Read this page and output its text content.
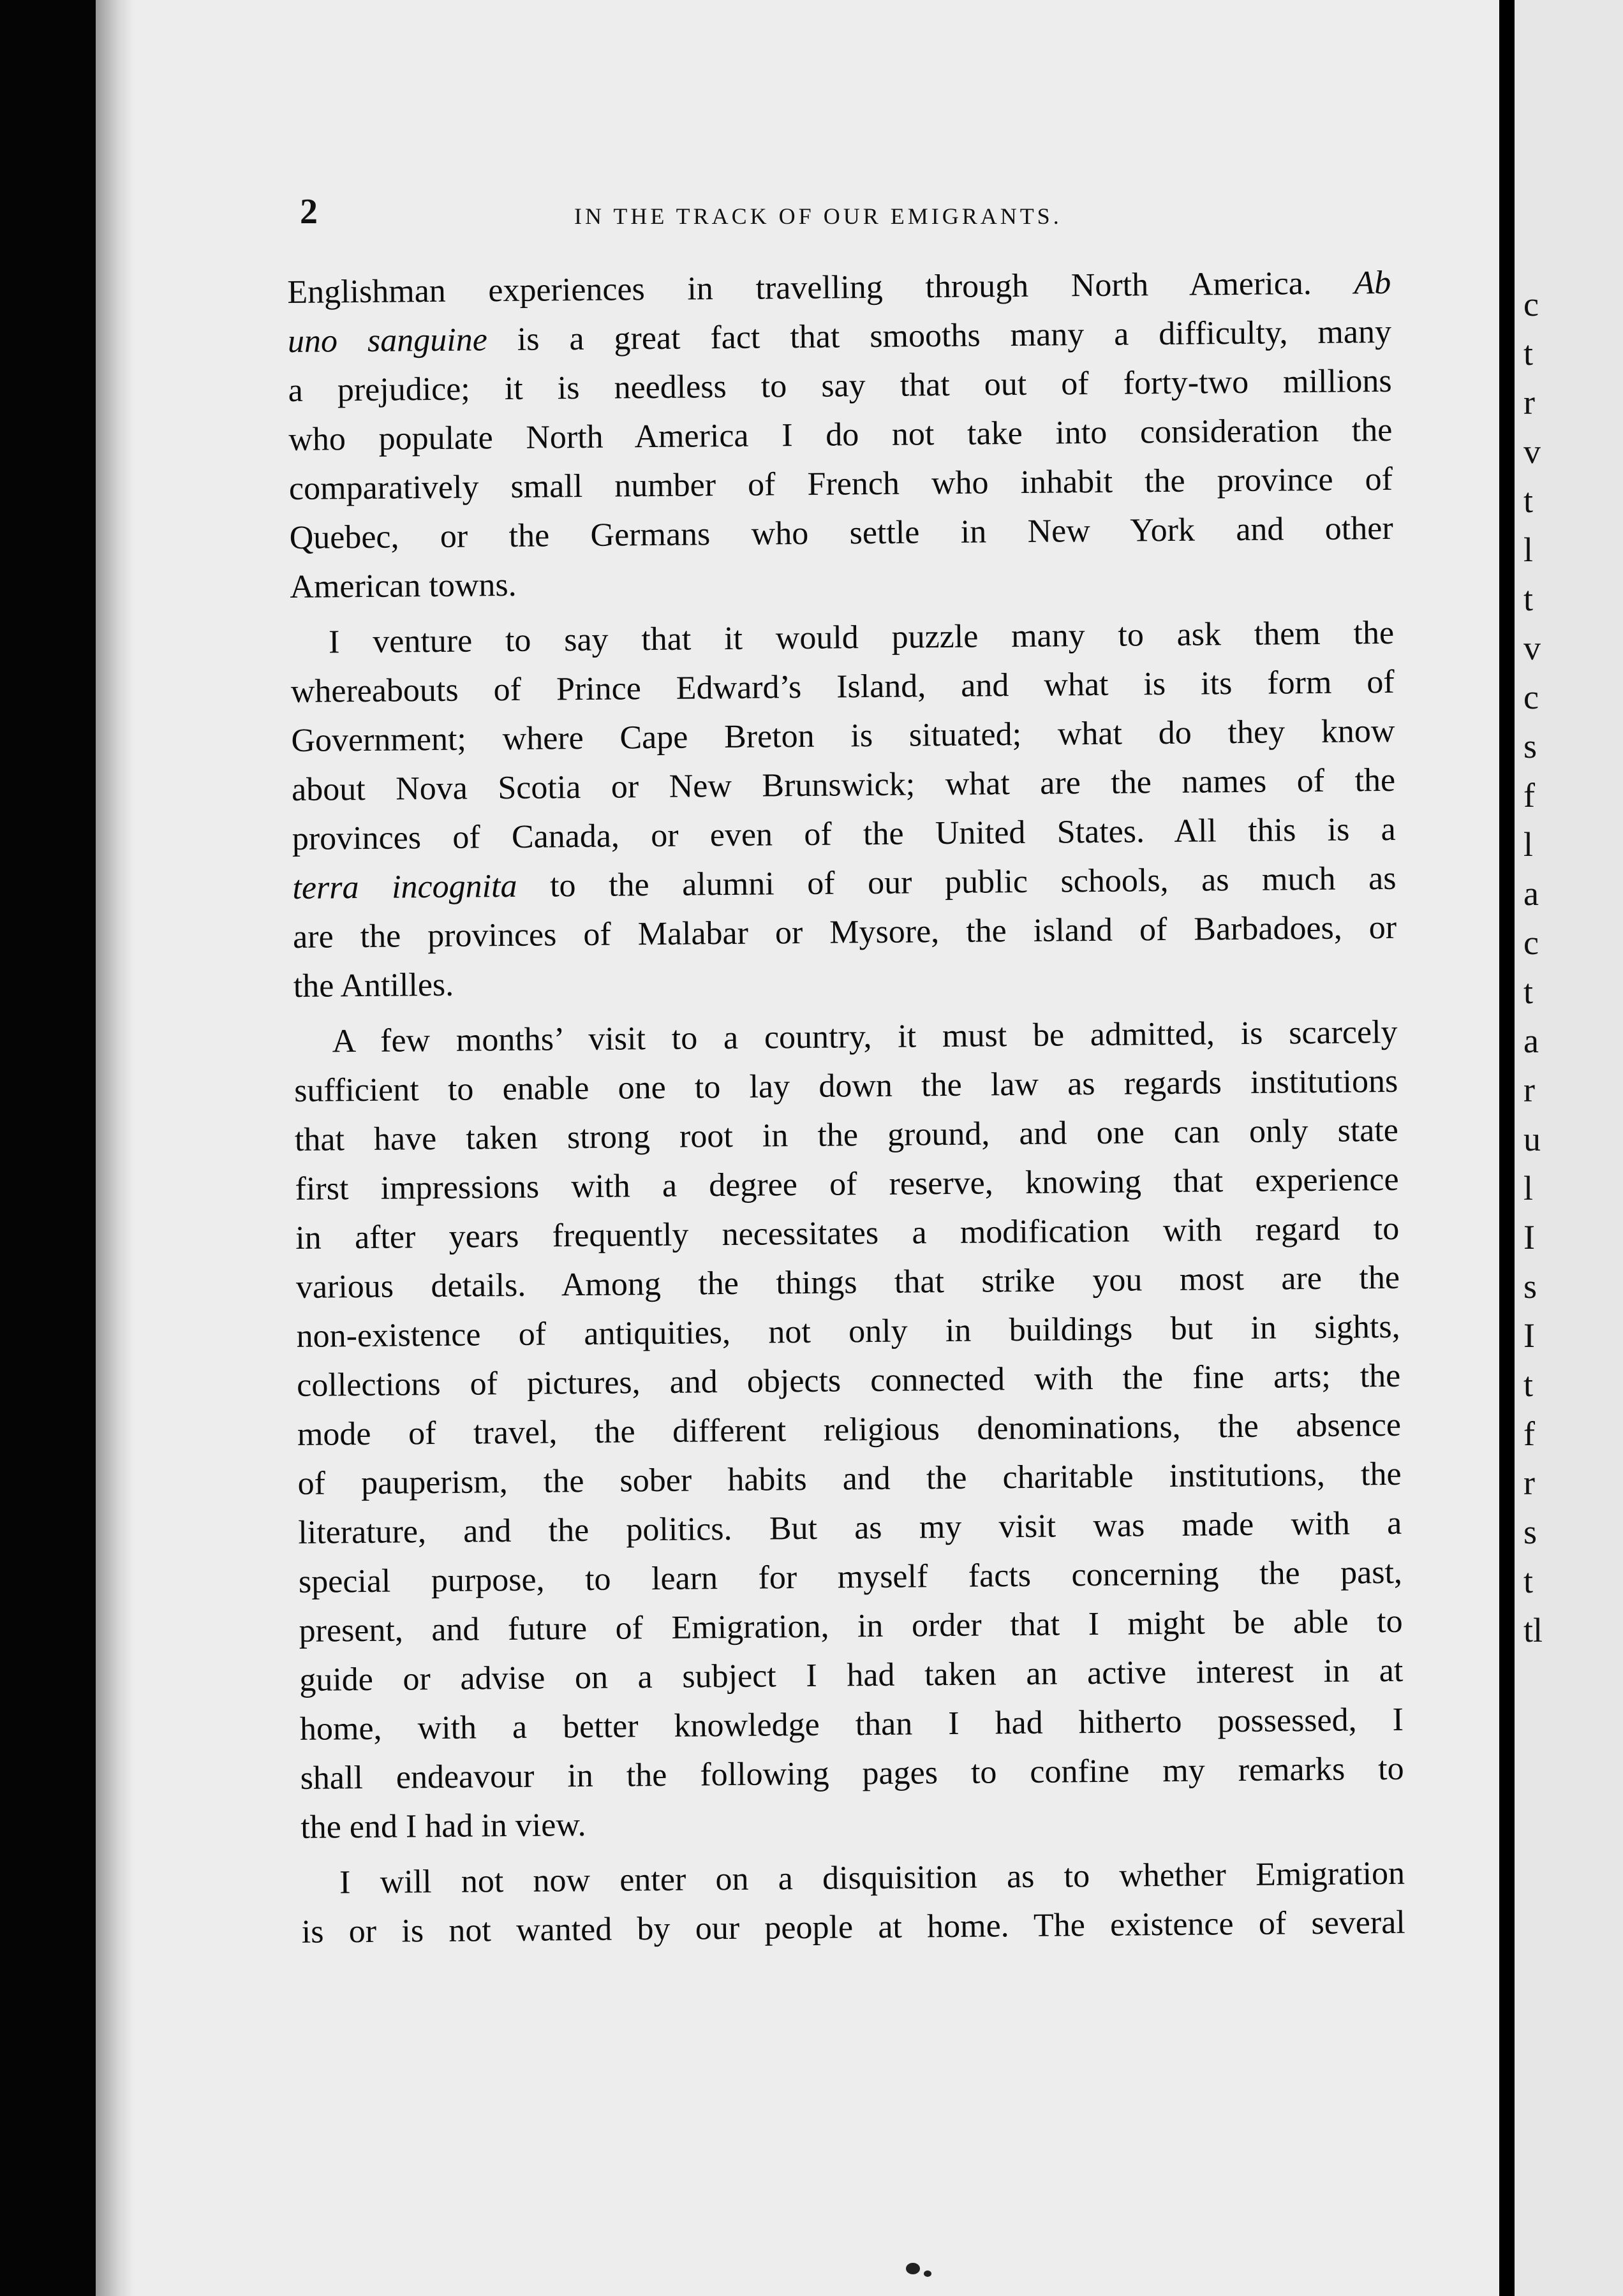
c
t
r
v
t
l
t
v
c
s
f
l
a
c
t
a
r
u
l
I
s
I
t
f
r
s
t
tl
2	IN THE TRACK OF OUR EMIGRANTS.
Englishman experiences in travelling through North America. Ab
uno sanguine is a great fact that smooths many a difficulty, many
a prejudice; it is needless to say that out of forty-two millions
who populate North America I do not take into consideration the
comparatively small number of French who inhabit the province of
Quebec, or the Germans who settle in New York and other
American towns.
I venture to say that it would puzzle many to ask them the
whereabouts of Prince Edward’s Island, and what is its form of
Government; where Cape Breton is situated; what do they know
about Nova Scotia or New Brunswick; what are the names of the
provinces of Canada, or even of the United States. All this is a
terra incognita to the alumni of our public schools, as much as
are the provinces of Malabar or Mysore, the island of Barbadoes, or
the Antilles.
A few months’ visit to a country, it must be admitted, is scarcely
sufficient to enable one to lay down the law as regards institutions
that have taken strong root in the ground, and one can only state
first impressions with a degree of reserve, knowing that experience
in after years frequently necessitates a modification with regard to
various details. Among the things that strike you most are the
non-existence of antiquities, not only in buildings but in sights,
collections of pictures, and objects connected with the fine arts; the
mode of travel, the different religious denominations, the absence
of pauperism, the sober habits and the charitable institutions, the
literature, and the politics. But as my visit was made with a
special purpose, to learn for myself facts concerning the past,
present, and future of Emigration, in order that I might be able to
guide or advise on a subject I had taken an active interest in at
home, with a better knowledge than I had hitherto possessed, I
shall endeavour in the following pages to confine my remarks to
the end I had in view.
I will not now enter on a disquisition as to whether Emigration
is or is not wanted by our people at home. The existence of several
